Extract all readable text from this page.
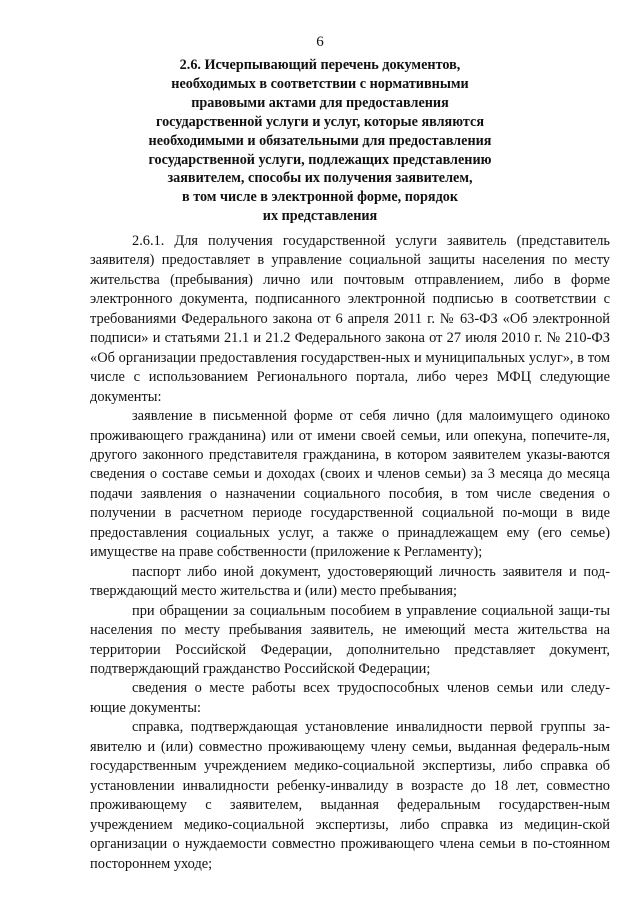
6
2.6. Исчерпывающий перечень документов,
необходимых в соответствии с нормативными
правовыми актами для предоставления
государственной услуги и услуг, которые являются
необходимыми и обязательными для предоставления
государственной услуги, подлежащих представлению
заявителем, способы их получения заявителем,
в том числе в электронной форме, порядок
их представления

2.6.1. Для получения государственной услуги заявитель (представитель заявителя) предоставляет в управление социальной защиты населения по месту жительства (пребывания) лично или почтовым отправлением, либо в форме электронного документа, подписанного электронной подписью в соответствии с требованиями Федерального закона от 6 апреля 2011 г. № 63-ФЗ «Об электронной подписи» и статьями 21.1 и 21.2 Федерального закона от 27 июля 2010 г. № 210-ФЗ «Об организации предоставления государствен-ных и муниципальных услуг», в том числе с использованием Регионального портала, либо через МФЦ следующие документы:

заявление в письменной форме от себя лично (для малоимущего одиноко проживающего гражданина) или от имени своей семьи, или опекуна, попечите-ля, другого законного представителя гражданина, в котором заявителем указы-ваются сведения о составе семьи и доходах (своих и членов семьи) за 3 месяца до месяца подачи заявления о назначении социального пособия, в том числе сведения о получении в расчетном периоде государственной социальной по-мощи в виде предоставления социальных услуг, а также о принадлежащем ему (его семье) имуществе на праве собственности (приложение к Регламенту);

паспорт либо иной документ, удостоверяющий личность заявителя и под-тверждающий место жительства и (или) место пребывания;

при обращении за социальным пособием в управление социальной защи-ты населения по месту пребывания заявитель, не имеющий места жительства на территории Российской Федерации, дополнительно представляет документ, подтверждающий гражданство Российской Федерации;

сведения о месте работы всех трудоспособных членов семьи или следу-ющие документы:

справка, подтверждающая установление инвалидности первой группы за-явителю и (или) совместно проживающему члену семьи, выданная федераль-ным государственным учреждением медико-социальной экспертизы, либо справка об установлении инвалидности ребенку-инвалиду в возрасте до 18 лет, совместно проживающему с заявителем, выданная федеральным государствен-ным учреждением медико-социальной экспертизы, либо справка из медицин-ской организации о нуждаемости совместно проживающего члена семьи в по-стоянном постороннем уходе;
